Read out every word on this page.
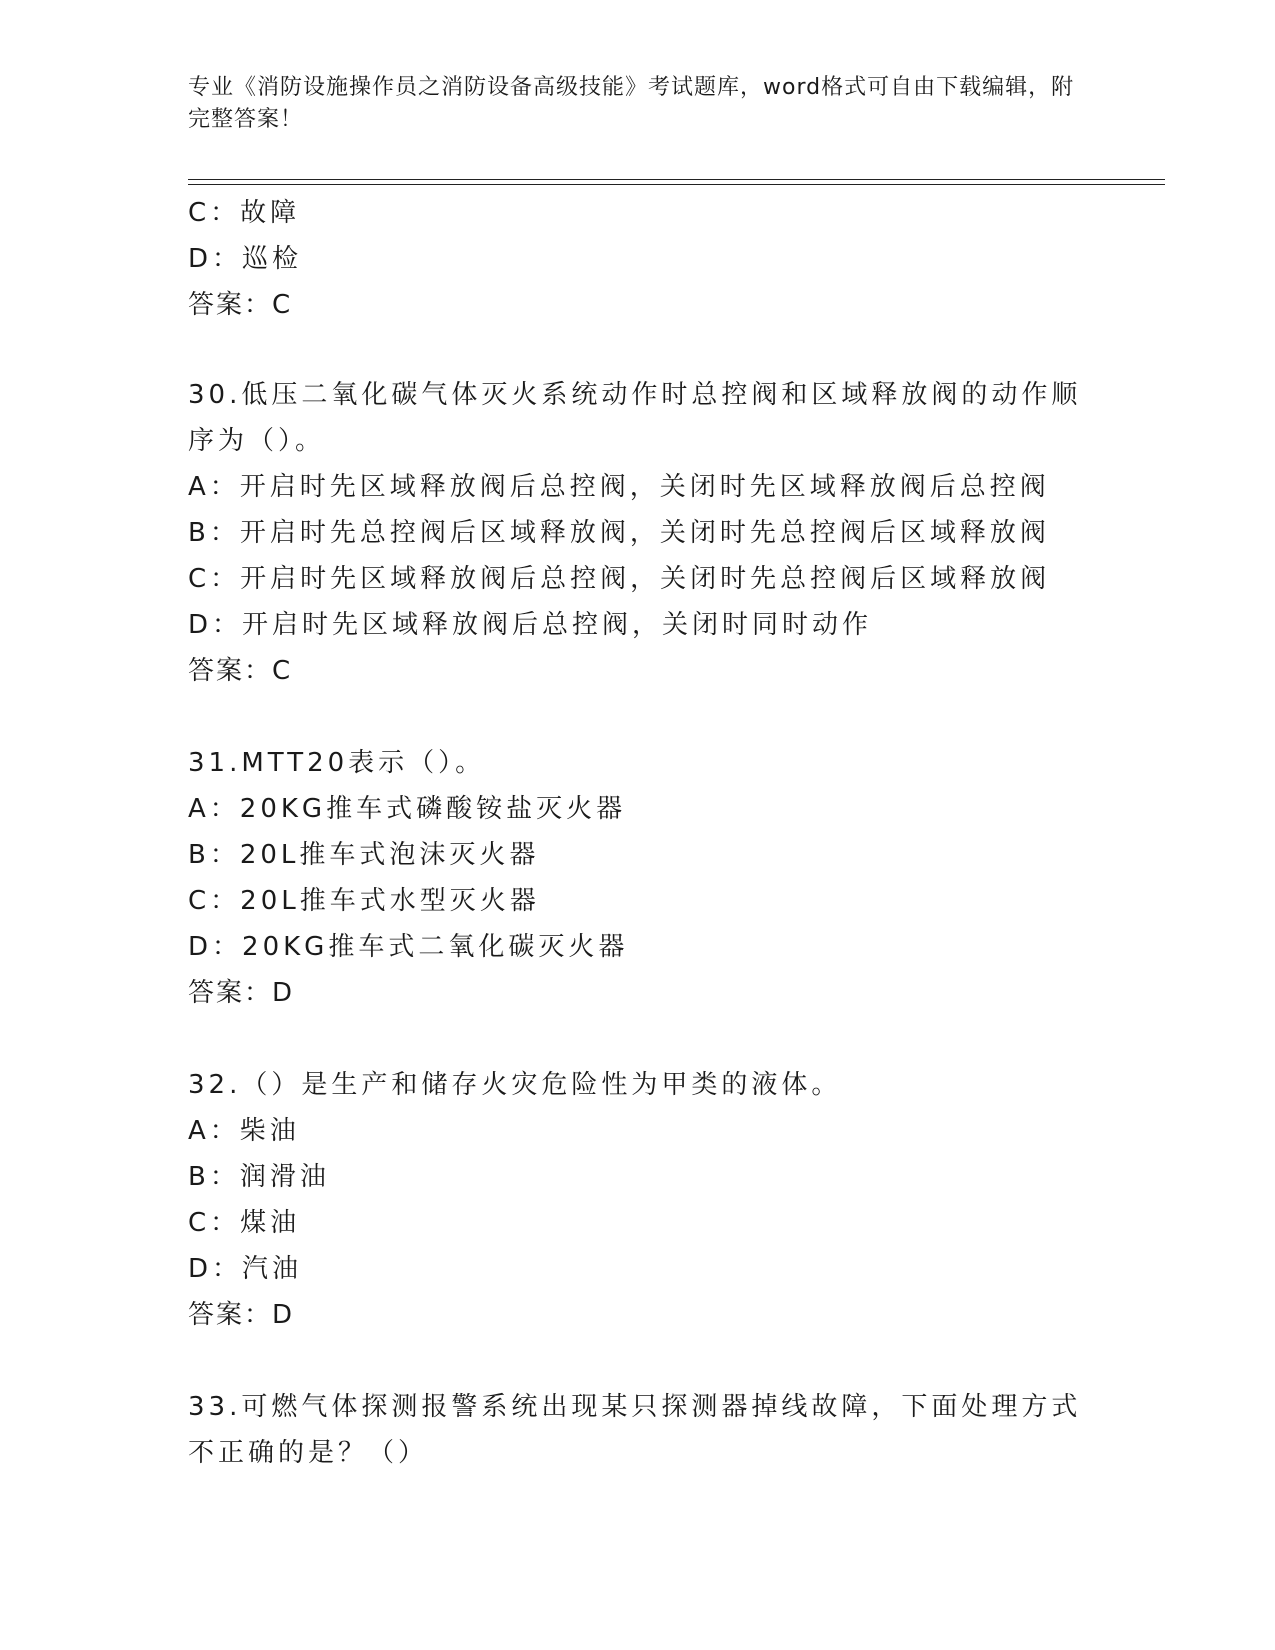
专业《消防设施操作员之消防设备高级技能》考试题库，word格式可自由下载编辑，附完整答案！
C：故障
D：巡检
答案：C
30.低压二氧化碳气体灭火系统动作时总控阀和区域释放阀的动作顺序为（）。
A：开启时先区域释放阀后总控阀，关闭时先区域释放阀后总控阀
B：开启时先总控阀后区域释放阀，关闭时先总控阀后区域释放阀
C：开启时先区域释放阀后总控阀，关闭时先总控阀后区域释放阀
D：开启时先区域释放阀后总控阀，关闭时同时动作
答案：C
31.MTT20表示（）。
A：20KG推车式磷酸铵盐灭火器
B：20L推车式泡沫灭火器
C：20L推车式水型灭火器
D：20KG推车式二氧化碳灭火器
答案：D
32.（）是生产和储存火灾危险性为甲类的液体。
A：柴油
B：润滑油
C：煤油
D：汽油
答案：D
33.可燃气体探测报警系统出现某只探测器掉线故障，下面处理方式不正确的是？（）
